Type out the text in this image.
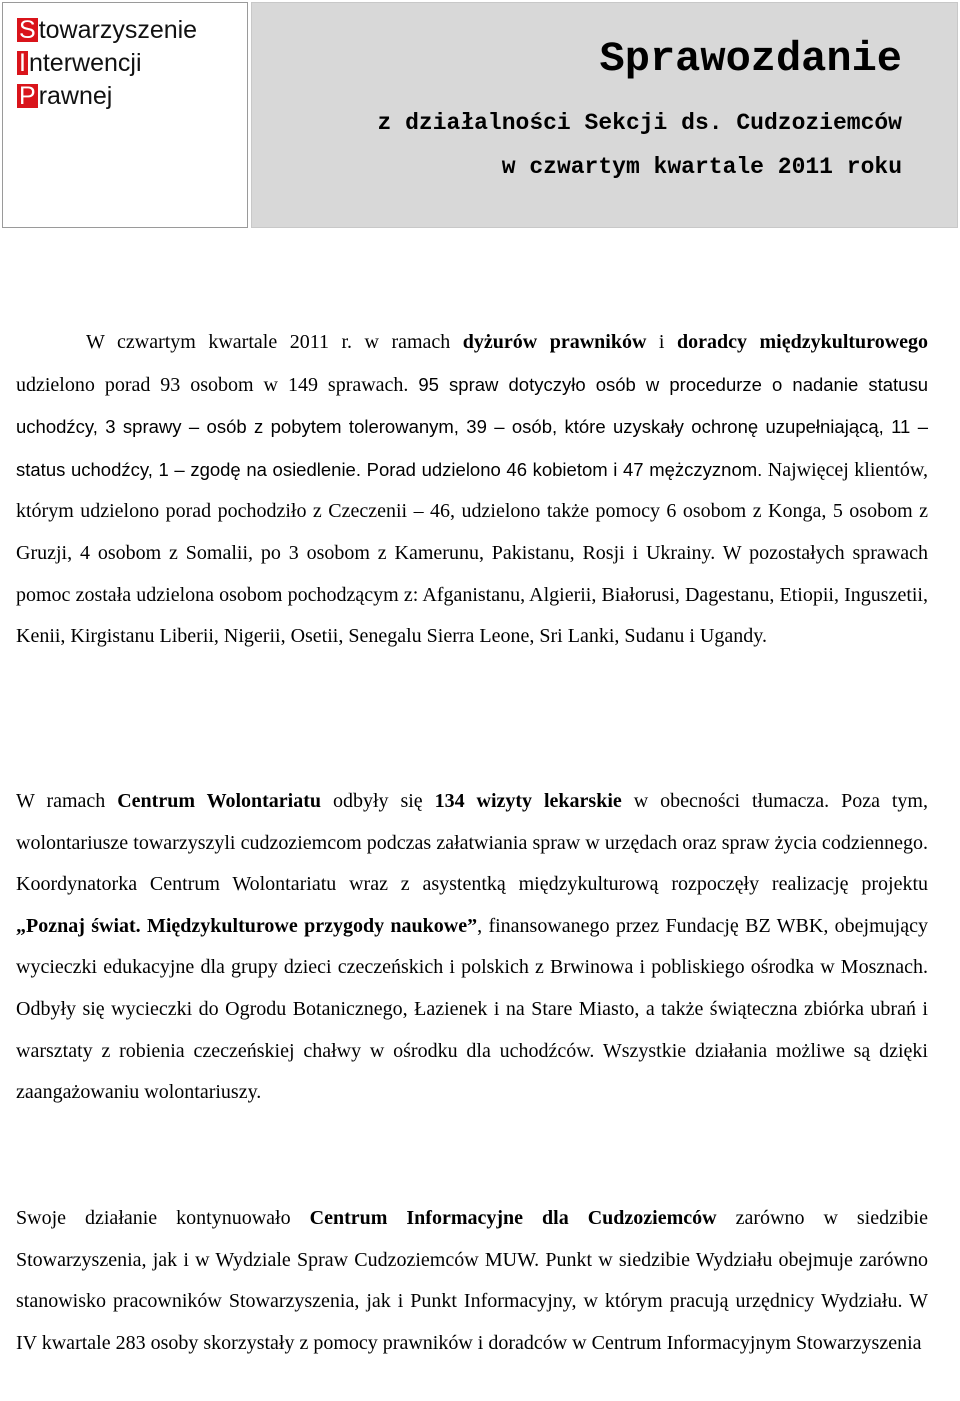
S towarzyszenie
I nterwencji
P rawnej
Sprawozdanie
z działalności Sekcji ds. Cudzoziemców
w czwartym kwartale 2011 roku

W czwartym kwartale 2011 r. w ramach dyżurów prawników i doradcy międzykulturowego udzielono porad 93 osobom w 149 sprawach. 95 spraw dotyczyło osób w procedurze o nadanie statusu uchodźcy, 3 sprawy – osób z pobytem tolerowanym, 39 – osób, które uzyskały ochronę uzupełniającą, 11 – status uchodźcy, 1 – zgodę na osiedlenie. Porad udzielono 46 kobietom i 47 mężczyznom. Najwięcej klientów, którym udzielono porad pochodziło z Czeczenii – 46, udzielono także pomocy 6 osobom z Konga, 5 osobom z Gruzji, 4 osobom z Somalii, po 3 osobom z Kamerunu, Pakistanu, Rosji i Ukrainy. W pozostałych sprawach pomoc została udzielona osobom pochodzącym z: Afganistanu, Algierii, Białorusi, Dagestanu, Etiopii, Inguszetii, Kenii, Kirgistanu Liberii, Nigerii, Osetii, Senegalu Sierra Leone, Sri Lanki, Sudanu i Ugandy.

W ramach Centrum Wolontariatu odbyły się 134 wizyty lekarskie w obecności tłumacza. Poza tym, wolontariusze towarzyszyli cudzoziemcom podczas załatwiania spraw w urzędach oraz spraw życia codziennego. Koordynatorka Centrum Wolontariatu wraz z asystentką międzykulturową rozpoczęły realizację projektu „Poznaj świat. Międzykulturowe przygody naukowe”, finansowanego przez Fundację BZ WBK, obejmujący wycieczki edukacyjne dla grupy dzieci czeczeńskich i polskich z Brwinowa i pobliskiego ośrodka w Mosznach. Odbyły się wycieczki do Ogrodu Botanicznego, Łazienek i na Stare Miasto, a także świąteczna zbiórka ubrań i warsztaty z robienia czeczeńskiej chałwy w ośrodku dla uchodźców. Wszystkie działania możliwe są dzięki zaangażowaniu wolontariuszy.

Swoje działanie kontynuowało Centrum Informacyjne dla Cudzoziemców zarówno w siedzibie Stowarzyszenia, jak i w Wydziale Spraw Cudzoziemców MUW. Punkt w siedzibie Wydziału obejmuje zarówno stanowisko pracowników Stowarzyszenia, jak i Punkt Informacyjny, w którym pracują urzędnicy Wydziału. W IV kwartale 283 osoby skorzystały z pomocy prawników i doradców w Centrum Informacyjnym Stowarzyszenia
